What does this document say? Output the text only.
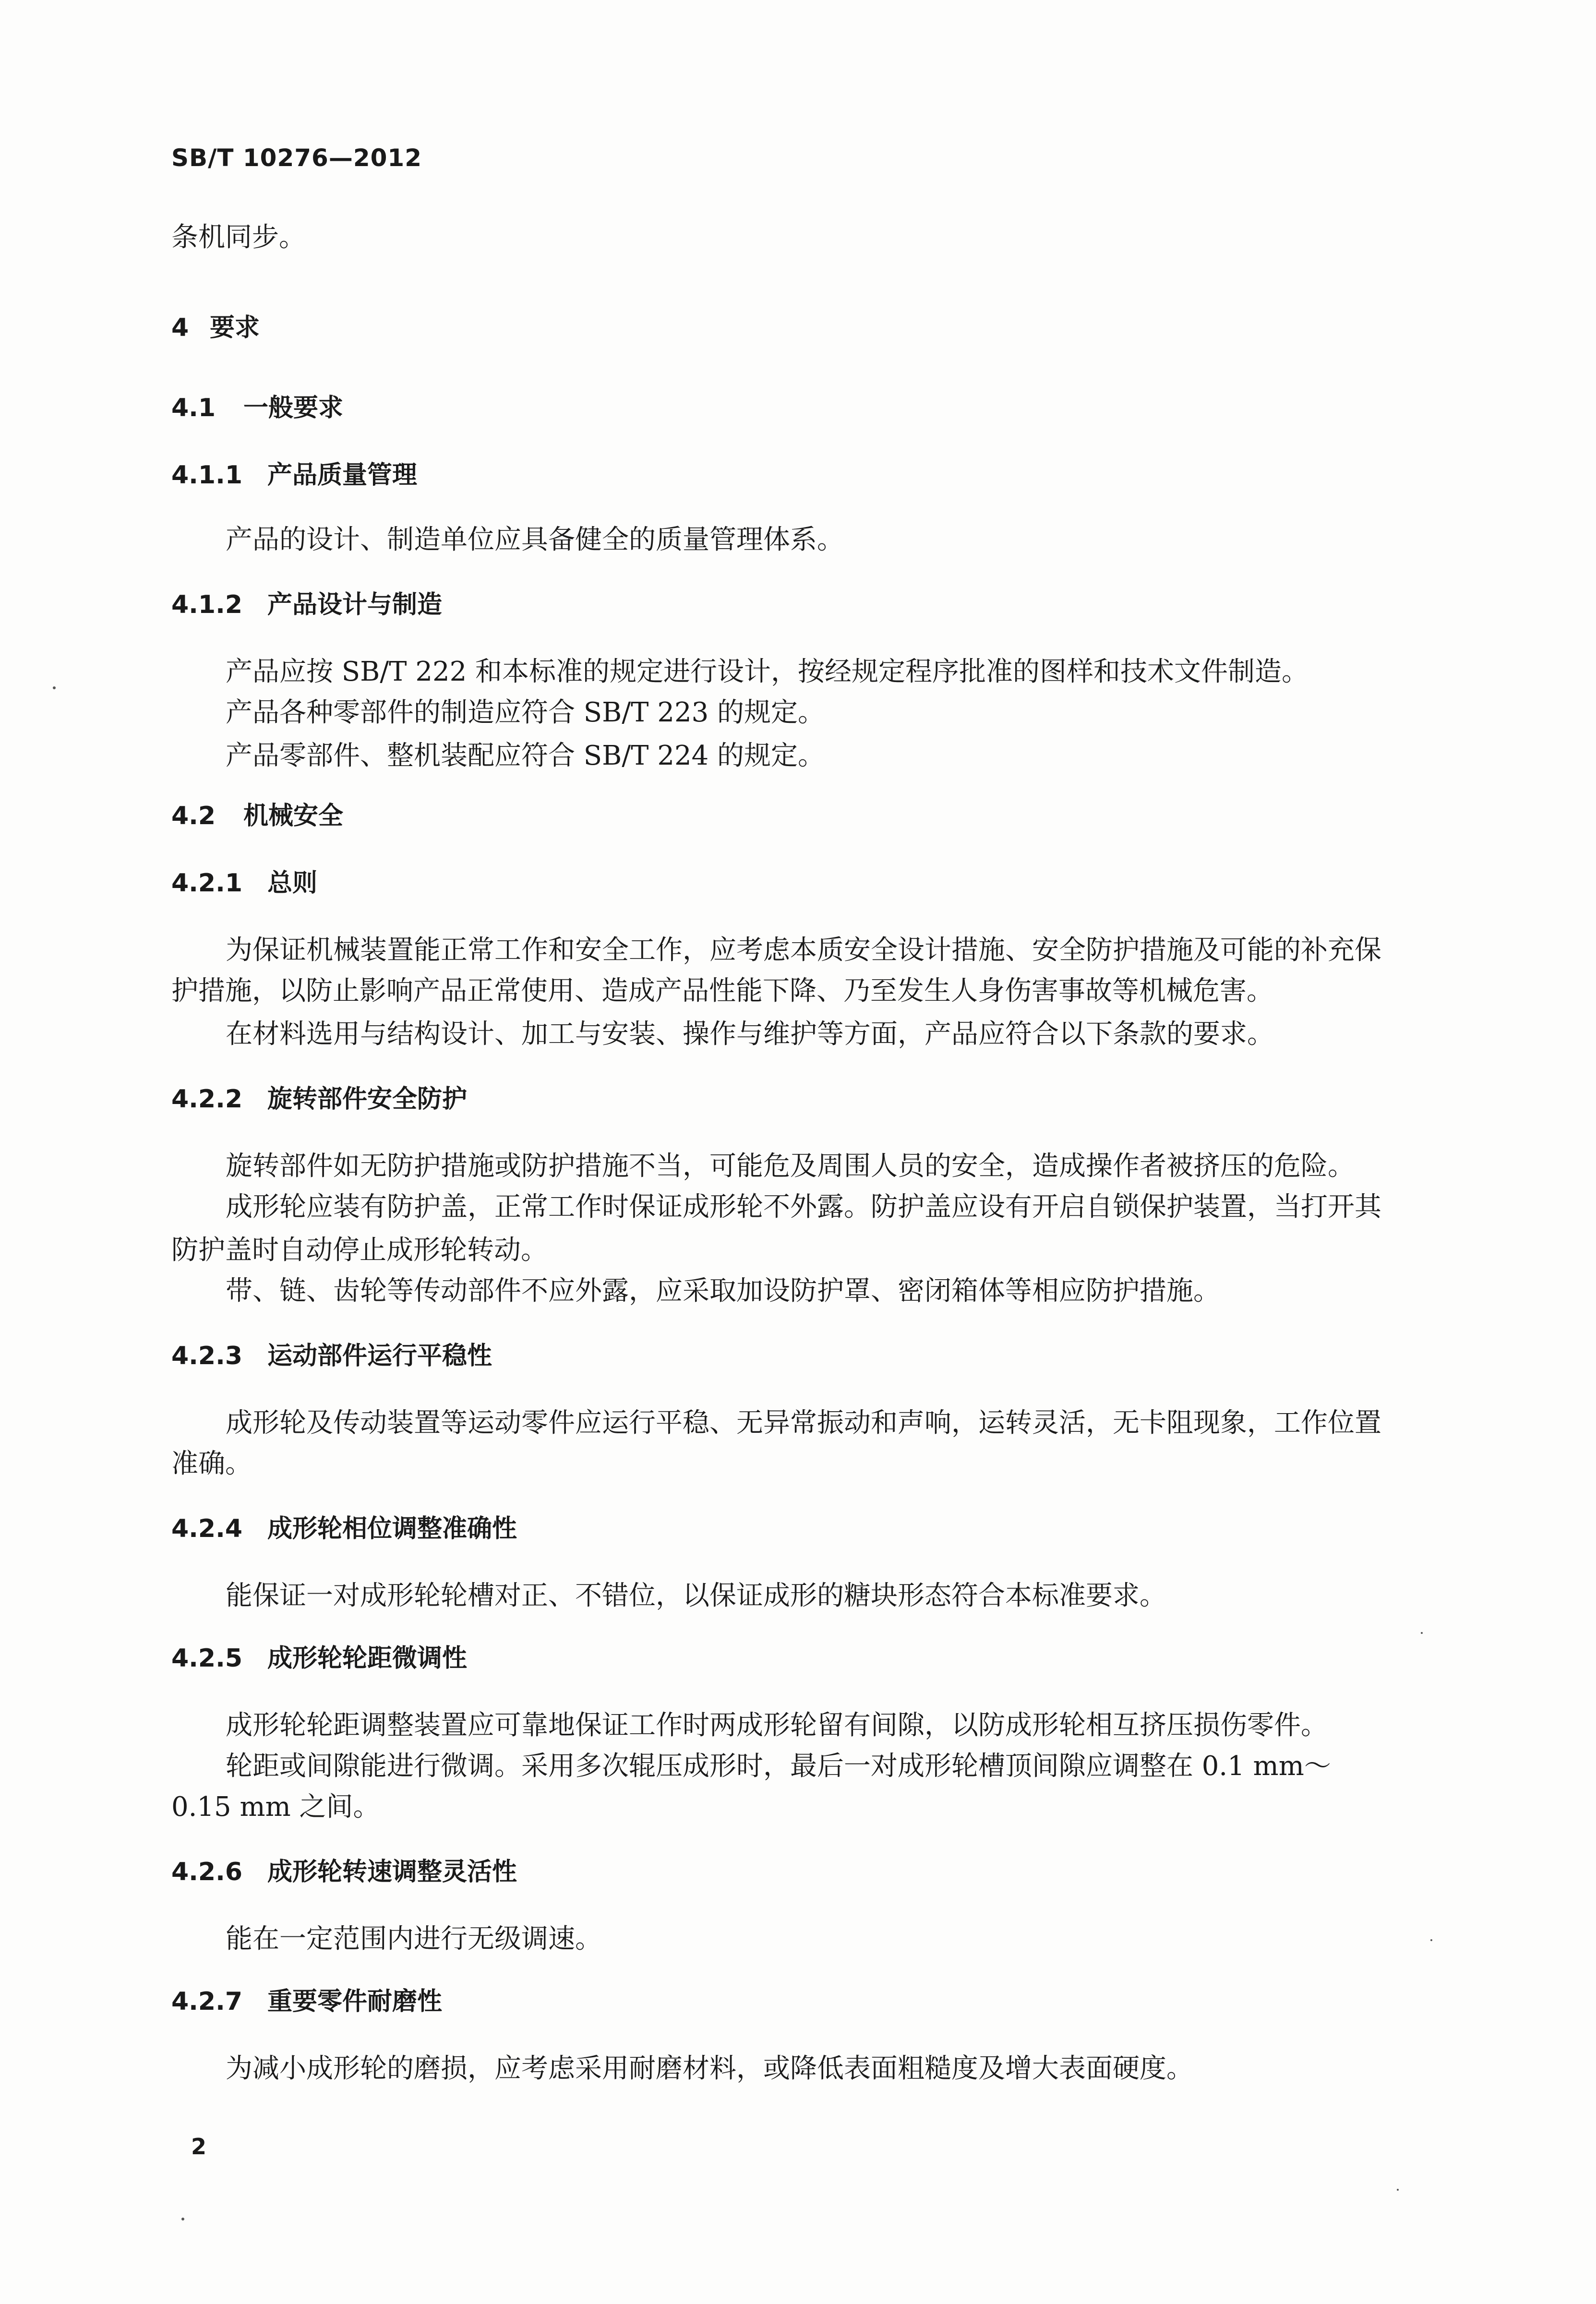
SB/T 10276—2012
条机同步。
4 要求
4.1 一般要求
4.1.1 产品质量管理
产品的设计、制造单位应具备健全的质量管理体系。
4.1.2 产品设计与制造
产品应按 SB/T 222 和本标准的规定进行设计，按经规定程序批准的图样和技术文件制造。
产品各种零部件的制造应符合 SB/T 223 的规定。
产品零部件、整机装配应符合 SB/T 224 的规定。
4.2 机械安全
4.2.1 总则
为保证机械装置能正常工作和安全工作，应考虑本质安全设计措施、安全防护措施及可能的补充保
护措施，以防止影响产品正常使用、造成产品性能下降、乃至发生人身伤害事故等机械危害。
在材料选用与结构设计、加工与安装、操作与维护等方面，产品应符合以下条款的要求。
4.2.2 旋转部件安全防护
旋转部件如无防护措施或防护措施不当，可能危及周围人员的安全，造成操作者被挤压的危险。
成形轮应装有防护盖，正常工作时保证成形轮不外露。防护盖应设有开启自锁保护装置，当打开其
防护盖时自动停止成形轮转动。
带、链、齿轮等传动部件不应外露，应采取加设防护罩、密闭箱体等相应防护措施。
4.2.3 运动部件运行平稳性
成形轮及传动装置等运动零件应运行平稳、无异常振动和声响，运转灵活，无卡阻现象，工作位置
准确。
4.2.4 成形轮相位调整准确性
能保证一对成形轮轮槽对正、不错位，以保证成形的糖块形态符合本标准要求。
4.2.5 成形轮轮距微调性
成形轮轮距调整装置应可靠地保证工作时两成形轮留有间隙，以防成形轮相互挤压损伤零件。
轮距或间隙能进行微调。采用多次辊压成形时，最后一对成形轮槽顶间隙应调整在 0.1 mm～
0.15 mm 之间。
4.2.6 成形轮转速调整灵活性
能在一定范围内进行无级调速。
4.2.7 重要零件耐磨性
为减小成形轮的磨损，应考虑采用耐磨材料，或降低表面粗糙度及增大表面硬度。
2
